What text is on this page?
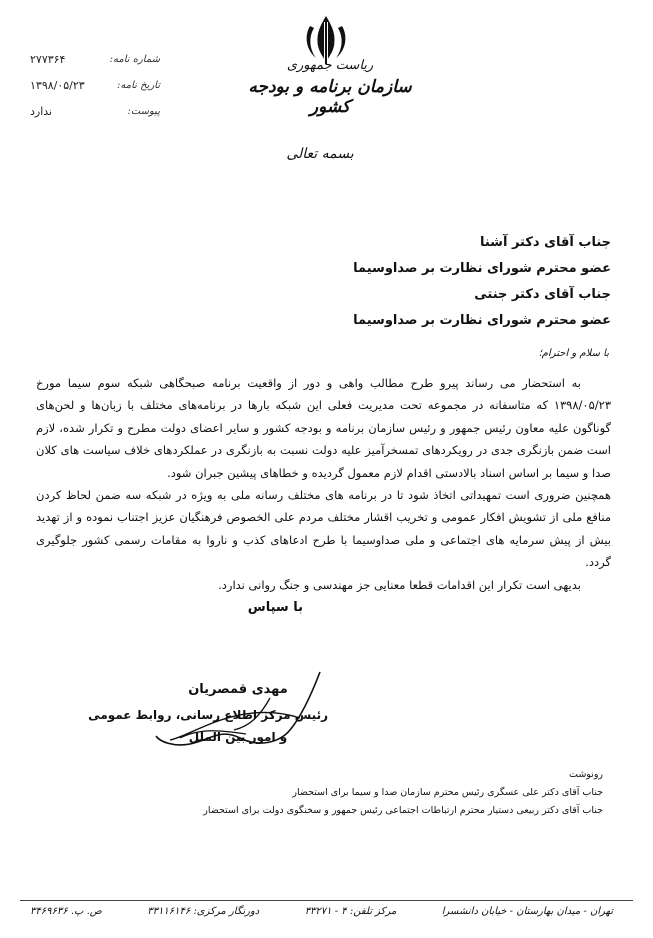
ریاست جمهوری
سازمان برنامه و بودجه کشور
شماره نامه:
۲۷۷۳۶۴
تاریخ نامه:
۱۳۹۸/۰۵/۲۳
پیوست:
ندارد
بسمه تعالی
جناب آقای دکتر آشنا
عضو محترم شورای نظارت بر صداوسیما
جناب آقای دکتر جنتی
عضو محترم شورای نظارت بر صداوسیما
با سلام و احترام؛

به استحضار می رساند پیرو طرح مطالب واهی و دور از واقعیت برنامه صبحگاهی شبکه سوم سیما مورخ ۱۳۹۸/۰۵/۲۳ که متاسفانه در مجموعه تحت مدیریت فعلی این شبکه بارها در برنامه‌های مختلف با زبان‌ها و لحن‌های گوناگون علیه معاون رئیس جمهور و رئیس سازمان برنامه و بودجه کشور و سایر اعضای دولت مطرح و تکرار شده، لازم است ضمن بازنگری جدی در رویکردهای تمسخرآمیز علیه دولت نسبت به بازنگری در عملکردهای خلاف سیاست های کلان صدا و سیما بر اساس اسناد بالادستی اقدام لازم معمول گردیده و خطاهای پیشین جبران شود.

همچنین ضروری است تمهیداتی اتخاذ شود تا در برنامه های مختلف رسانه ملی به ویژه در شبکه سه ضمن لحاظ کردن منافع ملی از تشویش افکار عمومی و تخریب اقشار مختلف مردم علی الخصوص فرهنگیان عزیز اجتناب نموده و از تهدید بیش از پیش سرمایه های اجتماعی و ملی صداوسیما با طرح ادعاهای کذب و ناروا به مقامات رسمی کشور جلوگیری گردد.

بدیهی است تکرار این اقدامات قطعا معنایی جز مهندسی و جنگ روانی ندارد.

با سپاس
مهدی قمصریان
رئیس مرکز اطلاع رسانی، روابط عمومی
و امور بین الملل
رونوشت
جناب آقای دکتر علی عسگری رئیس محترم سازمان صدا و سیما برای استحضار
جناب آقای دکتر ربیعی دستیار محترم ارتباطات اجتماعی رئیس جمهور و سخنگوی دولت برای استحضار
تهران - میدان بهارستان - خیابان دانشسرا
مرکز تلفن: ۴ - ۳۳۲۷۱
دورنگار مرکزی: ۳۳۱۱۶۱۴۶
ص. پ. ۳۴۶۹۶۳۶
